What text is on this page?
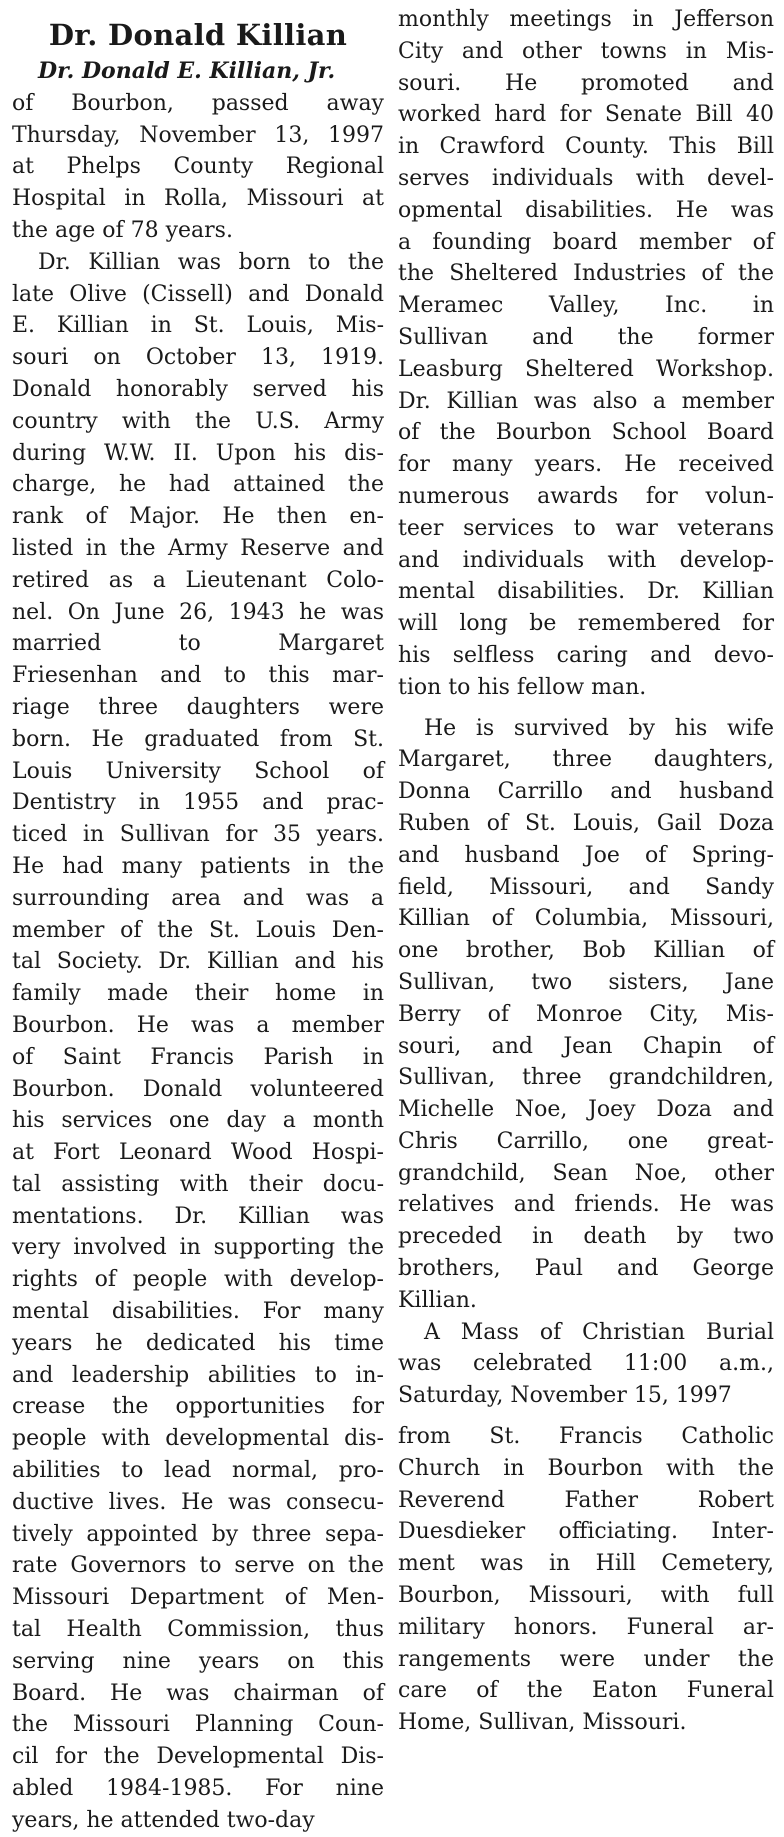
Dr. Donald Killian
Dr. Donald E. Killian, Jr.
of Bourbon, passed away
Thursday, November 13, 1997
at Phelps County Regional
Hospital in Rolla, Missouri at
the age of 78 years.
Dr. Killian was born to the
late Olive (Cissell) and Donald
E. Killian in St. Louis, Mis-
souri on October 13, 1919.
Donald honorably served his
country with the U.S. Army
during W.W. II. Upon his dis-
charge, he had attained the
rank of Major. He then en-
listed in the Army Reserve and
retired as a Lieutenant Colo-
nel. On June 26, 1943 he was
married to Margaret
Friesenhan and to this mar-
riage three daughters were
born. He graduated from St.
Louis University School of
Dentistry in 1955 and prac-
ticed in Sullivan for 35 years.
He had many patients in the
surrounding area and was a
member of the St. Louis Den-
tal Society. Dr. Killian and his
family made their home in
Bourbon. He was a member
of Saint Francis Parish in
Bourbon. Donald volunteered
his services one day a month
at Fort Leonard Wood Hospi-
tal assisting with their docu-
mentations. Dr. Killian was
very involved in supporting the
rights of people with develop-
mental disabilities. For many
years he dedicated his time
and leadership abilities to in-
crease the opportunities for
people with developmental dis-
abilities to lead normal, pro-
ductive lives. He was consecu-
tively appointed by three sepa-
rate Governors to serve on the
Missouri Department of Men-
tal Health Commission, thus
serving nine years on this
Board. He was chairman of
the Missouri Planning Coun-
cil for the Developmental Dis-
abled 1984-1985. For nine
years, he attended two-day
monthly meetings in Jefferson
City and other towns in Mis-
souri. He promoted and
worked hard for Senate Bill 40
in Crawford County. This Bill
serves individuals with devel-
opmental disabilities. He was
a founding board member of
the Sheltered Industries of the
Meramec Valley, Inc. in
Sullivan and the former
Leasburg Sheltered Workshop.
Dr. Killian was also a member
of the Bourbon School Board
for many years. He received
numerous awards for volun-
teer services to war veterans
and individuals with develop-
mental disabilities. Dr. Killian
will long be remembered for
his selfless caring and devo-
tion to his fellow man.
He is survived by his wife
Margaret, three daughters,
Donna Carrillo and husband
Ruben of St. Louis, Gail Doza
and husband Joe of Spring-
field, Missouri, and Sandy
Killian of Columbia, Missouri,
one brother, Bob Killian of
Sullivan, two sisters, Jane
Berry of Monroe City, Mis-
souri, and Jean Chapin of
Sullivan, three grandchildren,
Michelle Noe, Joey Doza and
Chris Carrillo, one great-
grandchild, Sean Noe, other
relatives and friends. He was
preceded in death by two
brothers, Paul and George
Killian.
A Mass of Christian Burial
was celebrated 11:00 a.m.,
Saturday, November 15, 1997
from St. Francis Catholic
Church in Bourbon with the
Reverend Father Robert
Duesdieker officiating. Inter-
ment was in Hill Cemetery,
Bourbon, Missouri, with full
military honors. Funeral ar-
rangements were under the
care of the Eaton Funeral
Home, Sullivan, Missouri.
